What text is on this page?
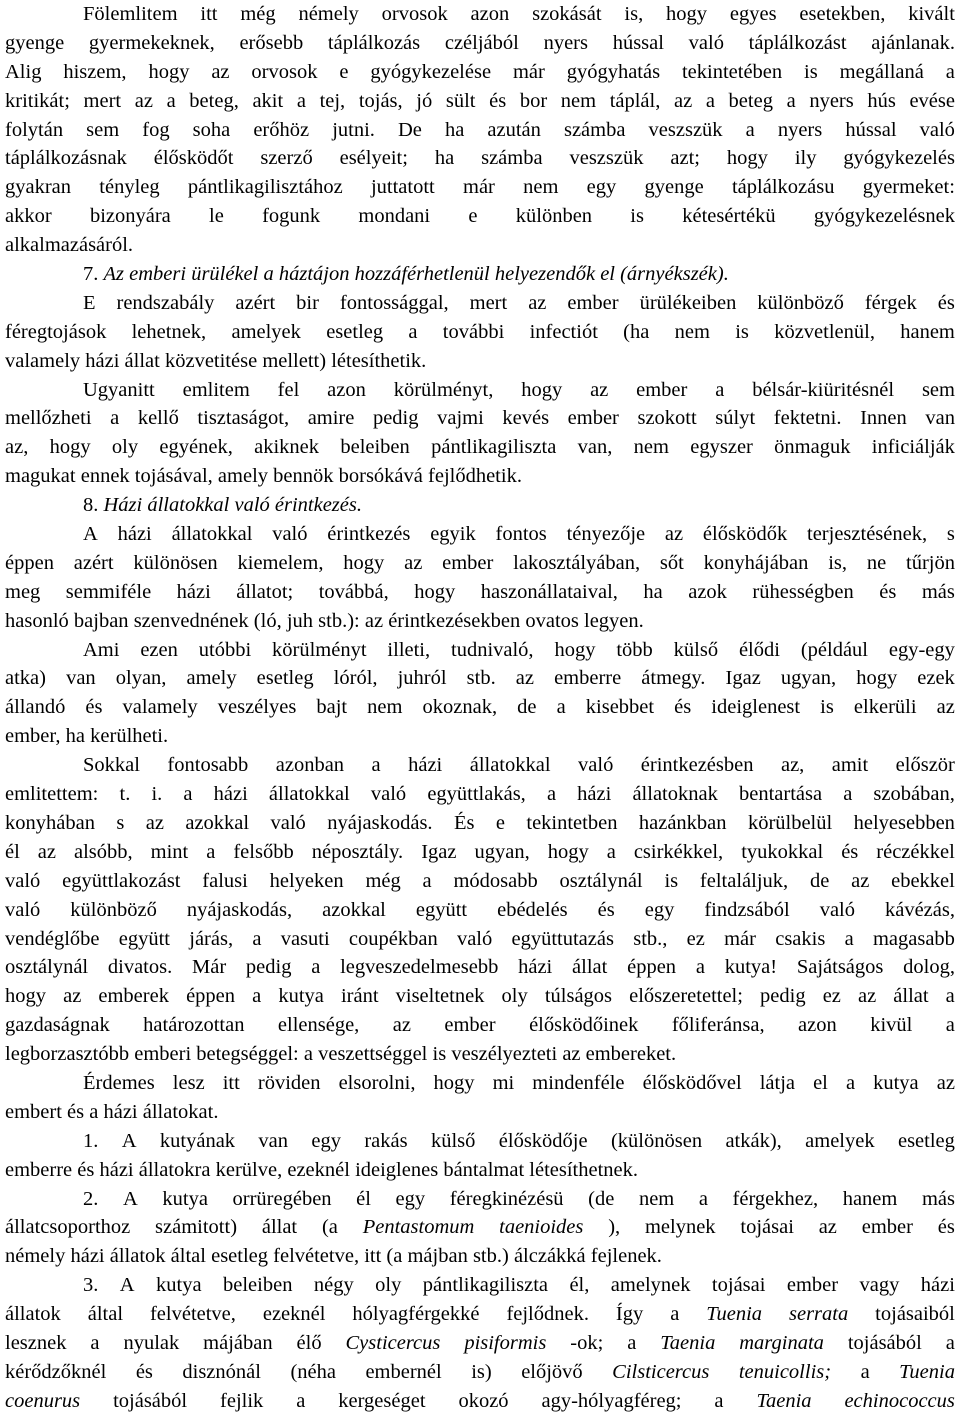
Fölemlitem itt még némely orvosok azon szokását is, hogy egyes esetekben, kivált
gyenge gyermekeknek, erősebb táplálkozás czéljából nyers hússal való táplálkozást ajánlanak.
Alig hiszem, hogy az orvosok e gyógykezelése már gyógyhatás tekintetében is megállaná a
kritikát; mert az a beteg, akit a tej, tojás, jó sült és bor nem táplál, az a beteg a nyers hús evése
folytán sem fog soha erőhöz jutni. De ha azután számba veszszük a nyers hússal való
táplálkozásnak élősködőt szerző esélyeit; ha számba veszszük azt; hogy ily gyógykezelés
gyakran tényleg pántlikagilisztához juttatott már nem egy gyenge táplálkozásu gyermeket:
akkor bizonyára le fogunk mondani e különben is kétesértékü gyógykezelésnek
alkalmazásáról.
7. Az emberi ürülékel a háztájon hozzáférhetlenül helyezendők el (árnyékszék).
E rendszabály azért bir fontossággal, mert az ember ürülékeiben különböző férgek és
féregtojások lehetnek, amelyek esetleg a további infectiót (ha nem is közvetlenül, hanem
valamely házi állat közvetitése mellett) létesíthetik.
Ugyanitt emlitem fel azon körülményt, hogy az ember a bélsár-kiüritésnél sem
mellőzheti a kellő tisztaságot, amire pedig vajmi kevés ember szokott súlyt fektetni. Innen van
az, hogy oly egyének, akiknek beleiben pántlikagiliszta van, nem egyszer önmaguk inficiálják
magukat ennek tojásával, amely bennök borsókává fejlődhetik.
8. Házi állatokkal való érintkezés.
A házi állatokkal való érintkezés egyik fontos tényezője az élősködők terjesztésének, s
éppen azért különösen kiemelem, hogy az ember lakosztályában, sőt konyhájában is, ne tűrjön
meg semmiféle házi állatot; továbbá, hogy haszonállataival, ha azok rühességben és más
hasonló bajban szenvednének (ló, juh stb.): az érintkezésekben ovatos legyen.
Ami ezen utóbbi körülményt illeti, tudnivaló, hogy több külső élődi (például egy-egy
atka) van olyan, amely esetleg lóról, juhról stb. az emberre átmegy. Igaz ugyan, hogy ezek
állandó és valamely veszélyes bajt nem okoznak, de a kisebbet és ideiglenest is elkerüli az
ember, ha kerülheti.
Sokkal fontosabb azonban a házi állatokkal való érintkezésben az, amit először
emlitettem: t. i. a házi állatokkal való együttlakás, a házi állatoknak bentartása a szobában,
konyhában s az azokkal való nyájaskodás. És e tekintetben hazánkban körülbelül helyesebben
él az alsóbb, mint a felsőbb néposztály. Igaz ugyan, hogy a csirkékkel, tyukokkal és réczékkel
való együttlakozást falusi helyeken még a módosabb osztálynál is feltaláljuk, de az ebekkel
való különböző nyájaskodás, azokkal együtt ebédelés és egy findzsából való kávézás,
vendéglőbe együtt járás, a vasuti coupékban való együttutazás stb., ez már csakis a magasabb
osztálynál divatos. Már pedig a legveszedelmesebb házi állat éppen a kutya! Sajátságos dolog,
hogy az emberek éppen a kutya iránt viseltetnek oly túlságos előszeretettel; pedig ez az állat a
gazdaságnak határozottan ellensége, az ember élősködőinek főliferánsa, azon kivül a
legborzasztóbb emberi betegséggel: a veszettséggel is veszélyezteti az embereket.
Érdemes lesz itt röviden elsorolni, hogy mi mindenféle élősködővel látja el a kutya az
embert és a házi állatokat.
1. A kutyának van egy rakás külső élősködője (különösen atkák), amelyek esetleg
emberre és házi állatokra kerülve, ezeknél ideiglenes bántalmat létesíthetnek.
2. A kutya orrüregében él egy féregkinézésü (de nem a férgekhez, hanem más
állatcsoporthoz számitott) állat (a Pentastomum taenioides ), melynek tojásai az ember és
némely házi állatok által esetleg felvétetve, itt (a májban stb.) álczákká fejlenek.
3. A kutya beleiben négy oly pántlikagiliszta él, amelynek tojásai ember vagy házi
állatok által felvétetve, ezeknél hólyagférgekké fejlődnek. Így a Tuenia serrata tojásaiból
lesznek a nyulak májában élő Cysticercus pisiformis -ok; a Taenia marginata tojásából a
kérődzőknél és disznónál (néha embernél is) előjövő Cilsticercus tenuicollis; a Tuenia
coenurus tojásából fejlik a kergeséget okozó agy-hólyagféreg; a Taenia echinococcus
